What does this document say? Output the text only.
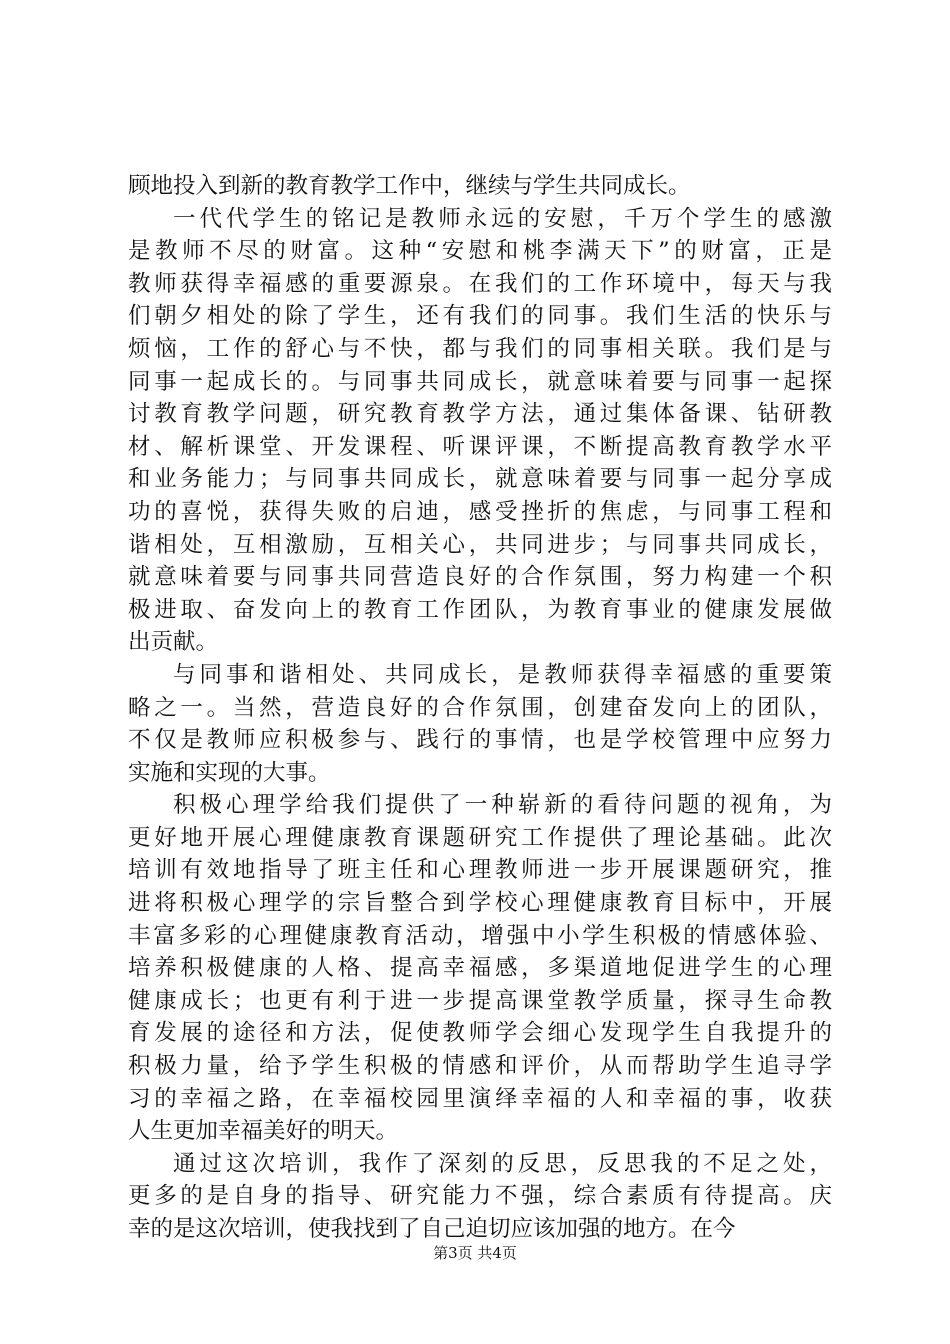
顾地投入到新的教育教学工作中，继续与学生共同成长。
一代代学生的铭记是教师永远的安慰，千万个学生的感激
是教师不尽的财富。这种“安慰和桃李满天下”的财富，正是
教师获得幸福感的重要源泉。在我们的工作环境中，每天与我
们朝夕相处的除了学生，还有我们的同事。我们生活的快乐与
烦恼，工作的舒心与不快，都与我们的同事相关联。我们是与
同事一起成长的。与同事共同成长，就意味着要与同事一起探
讨教育教学问题，研究教育教学方法，通过集体备课、钻研教
材、解析课堂、开发课程、听课评课，不断提高教育教学水平
和业务能力；与同事共同成长，就意味着要与同事一起分享成
功的喜悦，获得失败的启迪，感受挫折的焦虑，与同事工程和
谐相处，互相激励，互相关心，共同进步；与同事共同成长，
就意味着要与同事共同营造良好的合作氛围，努力构建一个积
极进取、奋发向上的教育工作团队，为教育事业的健康发展做
出贡献。
与同事和谐相处、共同成长，是教师获得幸福感的重要策
略之一。当然，营造良好的合作氛围，创建奋发向上的团队，
不仅是教师应积极参与、践行的事情，也是学校管理中应努力
实施和实现的大事。
积极心理学给我们提供了一种崭新的看待问题的视角，为
更好地开展心理健康教育课题研究工作提供了理论基础。此次
培训有效地指导了班主任和心理教师进一步开展课题研究，推
进将积极心理学的宗旨整合到学校心理健康教育目标中，开展
丰富多彩的心理健康教育活动，增强中小学生积极的情感体验、
培养积极健康的人格、提高幸福感，多渠道地促进学生的心理
健康成长；也更有利于进一步提高课堂教学质量，探寻生命教
育发展的途径和方法，促使教师学会细心发现学生自我提升的
积极力量，给予学生积极的情感和评价，从而帮助学生追寻学
习的幸福之路，在幸福校园里演绎幸福的人和幸福的事，收获
人生更加幸福美好的明天。
通过这次培训，我作了深刻的反思，反思我的不足之处，
更多的是自身的指导、研究能力不强，综合素质有待提高。庆
幸的是这次培训，使我找到了自己迫切应该加强的地方。在今
第3页 共4页
